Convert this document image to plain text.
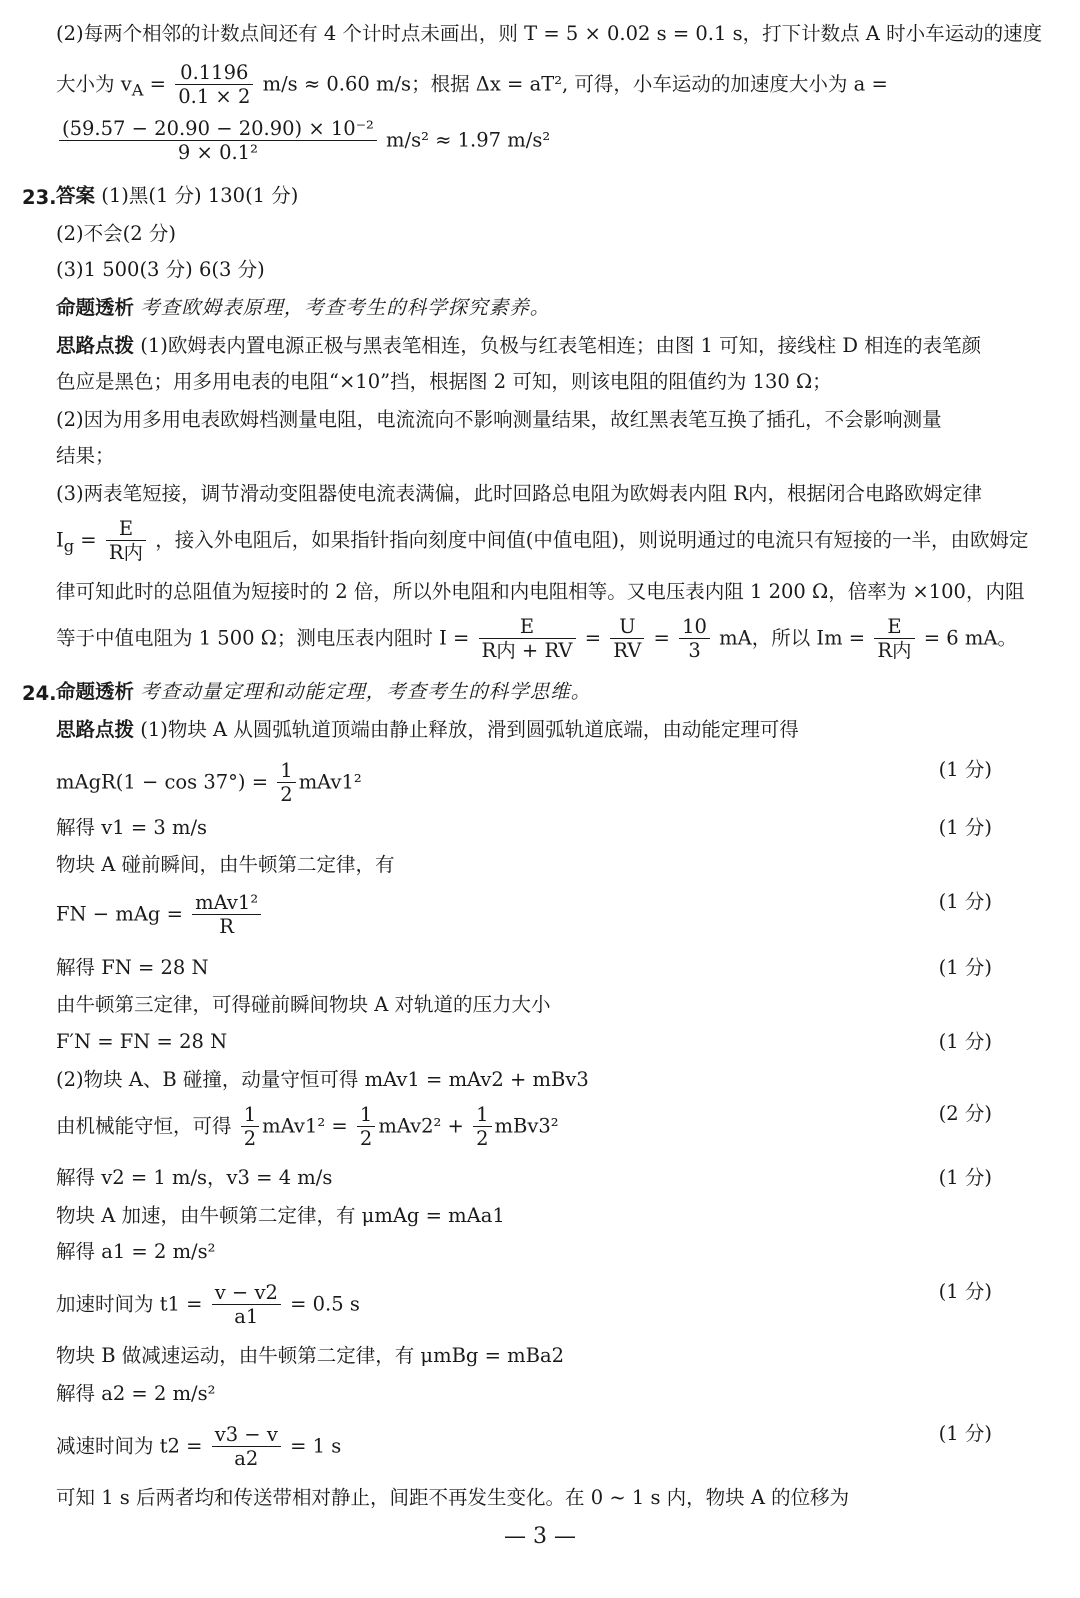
(2)每两个相邻的计数点间还有 4 个计时点未画出，则 T = 5 × 0.02 s = 0.1 s，打下计数点 A 时小车运动的速度
大小为 $v_A = \frac{0.1196}{0.1 \times 2} m/s \approx 0.60$ m/s；根据 Δx = aT², 可得，小车运动的加速度大小为 a =
$\frac{\text{(59.57 − 20.90 − 20.90) × 10⁻²}}{\text{9 × 0.1²}} m/s^2 \approx 1.97$ m/s²
23. 答案 (1)黑(1 分) 130(1 分)
(2)不会(2 分)
(3)1 500(3 分) 6(3 分)
命题透析 考查欧姆表原理，考查考生的科学探究素养。
思路点拨 (1)欧姆表内置电源正极与黑表笔相连，负极与红表笔相连；由图 1 可知，接线柱 D 相连的表笔颜
色应是黑色；用多用电表的电阻“×10”挡，根据图 2 可知，则该电阻的阻值约为 130 Ω；
(2)因为用多用电表欧姆档测量电阻，电流流向不影响测量结果，故红黑表笔互换了插孔，不会影响测量
结果；
(3)两表笔短接，调节滑动变阻器使电流表满偏，此时回路总电阻为欧姆表内阻 R内，根据闭合电路欧姆定律
$I_g = \frac{E}{\text{R内}}$ ，接入外电阻后，如果指针指向刻度中间值(中值电阻)，则说明通过的电流只有短接的一半，由欧姆定
律可知此时的总阻值为短接时的 2 倍，所以外电阻和内电阻相等。又电压表内阻 1 200 Ω，倍率为 ×100，内阻
等于中值电阻为 1 500 Ω；测电压表内阻时 $I = \frac{E}{\text{R内 + RV}} = \frac{U}{RV} = \frac{10}{3}$ mA，所以 $Im = \frac{E}{\text{R内}} = 6$ mA。
24. 命题透析 考查动量定理和动能定理，考查考生的科学思维。
思路点拨 (1)物块 A 从圆弧轨道顶端由静止释放，滑到圆弧轨道底端，由动能定理可得
mAgR(1 − $\cos 37^\circ) = \frac{1}{2} mAv1^2$
(1 分)
解得 v1 = 3 m/s	(1 分)
物块 A 碰前瞬间，由牛顿第二定律，有
FN − mAg = $\frac{\text{mAv1²}}{R}$	(1 分)
解得 FN = 28 N	(1 分)
由牛顿第三定律，可得碰前瞬间物块 A 对轨道的压力大小
F′N = FN = 28 N	(1 分)
(2)物块 A、B 碰撞，动量守恒可得 mAv1 = mAv2 + mBv3
由机械能守恒，可得 $\frac{1}{2} mAv1^2 = \frac{1}{2} mAv2^2 + \frac{1}{2} mBv3^2$
(2 分)
解得 v2 = 1 m/s，v3 = 4 m/s	(1 分)
物块 A 加速，由牛顿第二定律，有 μmAg = mAa1
解得 a1 = 2 m/s²
加速时间为 $t1 = \frac{v - v2}{a1} = 0.5$ s
(1 分)
物块 B 做减速运动，由牛顿第二定律，有 μmBg = mBa2
解得 a2 = 2 m/s²
减速时间为 $t2 = \frac{v3 - v}{a2} = 1$ s
(1 分)
可知 1 s 后两者均和传送带相对静止，间距不再发生变化。在 0 ~ 1 s 内，物块 A 的位移为
— 3 —
